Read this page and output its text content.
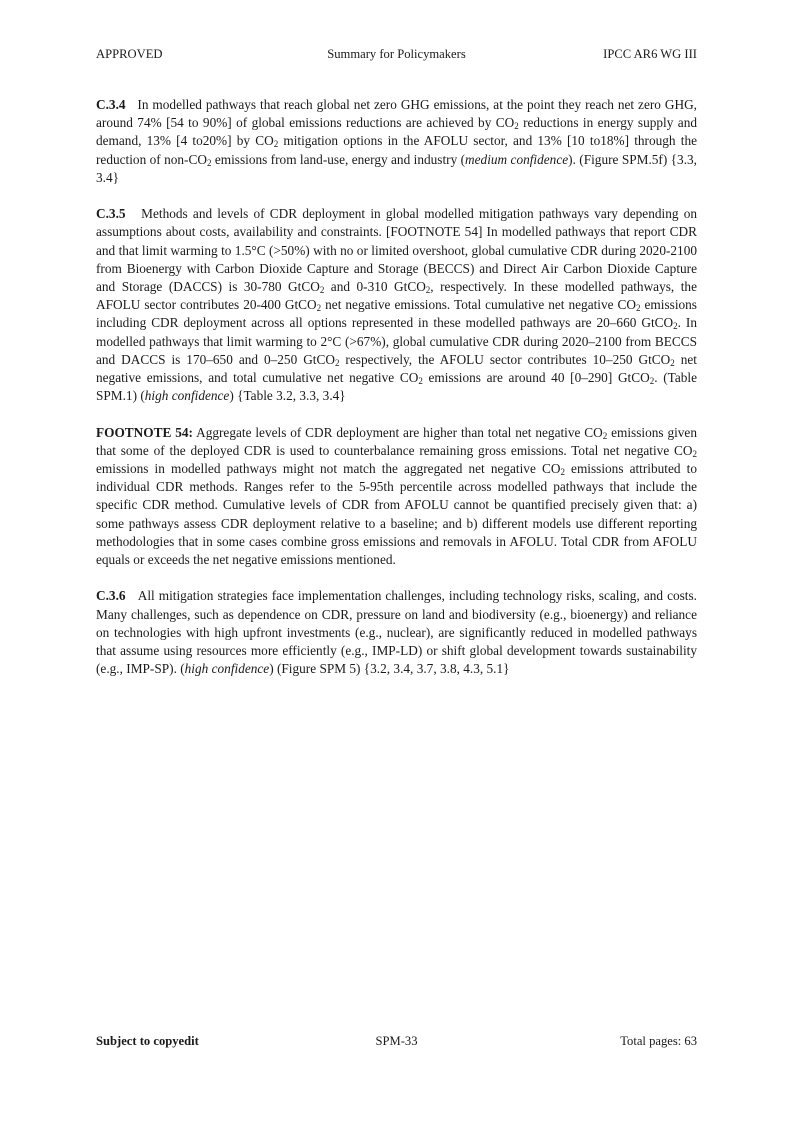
APPROVED	Summary for Policymakers	IPCC AR6 WG III

C.3.4 In modelled pathways that reach global net zero GHG emissions, at the point they reach net zero GHG, around 74% [54 to 90%] of global emissions reductions are achieved by $CO_2$ reductions in energy supply and demand, 13% [4 to20%] by $CO_2$ mitigation options in the AFOLU sector, and 13% [10 to18%] through the reduction of non-$CO_2$ emissions from land-use, energy and industry (medium confidence). (Figure SPM.5f) {3.3, 3.4}

C.3.5 Methods and levels of CDR deployment in global modelled mitigation pathways vary depending on assumptions about costs, availability and constraints. [FOOTNOTE 54] In modelled pathways that report CDR and that limit warming to 1.5°C (>50%) with no or limited overshoot, global cumulative CDR during 2020-2100 from Bioenergy with Carbon Dioxide Capture and Storage (BECCS) and Direct Air Carbon Dioxide Capture and Storage (DACCS) is 30-780 GtCO$_2$ and 0-310 GtCO$_2$, respectively. In these modelled pathways, the AFOLU sector contributes 20-400 GtCO$_2$ net negative emissions. Total cumulative net negative $CO_2$ emissions including CDR deployment across all options represented in these modelled pathways are 20–660 GtCO$_2$. In modelled pathways that limit warming to 2°C (>67%), global cumulative CDR during 2020–2100 from BECCS and DACCS is 170–650 and 0–250 GtCO$_2$ respectively, the AFOLU sector contributes 10–250 GtCO$_2$ net negative emissions, and total cumulative net negative $CO_2$ emissions are around 40 [0–290] GtCO$_2$. (Table SPM.1) (high confidence) {Table 3.2, 3.3, 3.4}

FOOTNOTE 54: Aggregate levels of CDR deployment are higher than total net negative $CO_2$ emissions given that some of the deployed CDR is used to counterbalance remaining gross emissions. Total net negative $CO_2$ emissions in modelled pathways might not match the aggregated net negative $CO_2$ emissions attributed to individual CDR methods. Ranges refer to the 5-95th percentile across modelled pathways that include the specific CDR method. Cumulative levels of CDR from AFOLU cannot be quantified precisely given that: a) some pathways assess CDR deployment relative to a baseline; and b) different models use different reporting methodologies that in some cases combine gross emissions and removals in AFOLU. Total CDR from AFOLU equals or exceeds the net negative emissions mentioned.

C.3.6 All mitigation strategies face implementation challenges, including technology risks, scaling, and costs. Many challenges, such as dependence on CDR, pressure on land and biodiversity (e.g., bioenergy) and reliance on technologies with high upfront investments (e.g., nuclear), are significantly reduced in modelled pathways that assume using resources more efficiently (e.g., IMP-LD) or shift global development towards sustainability (e.g., IMP-SP). (high confidence) (Figure SPM 5) {3.2, 3.4, 3.7, 3.8, 4.3, 5.1}

Subject to copyedit	SPM-33	Total pages: 63
